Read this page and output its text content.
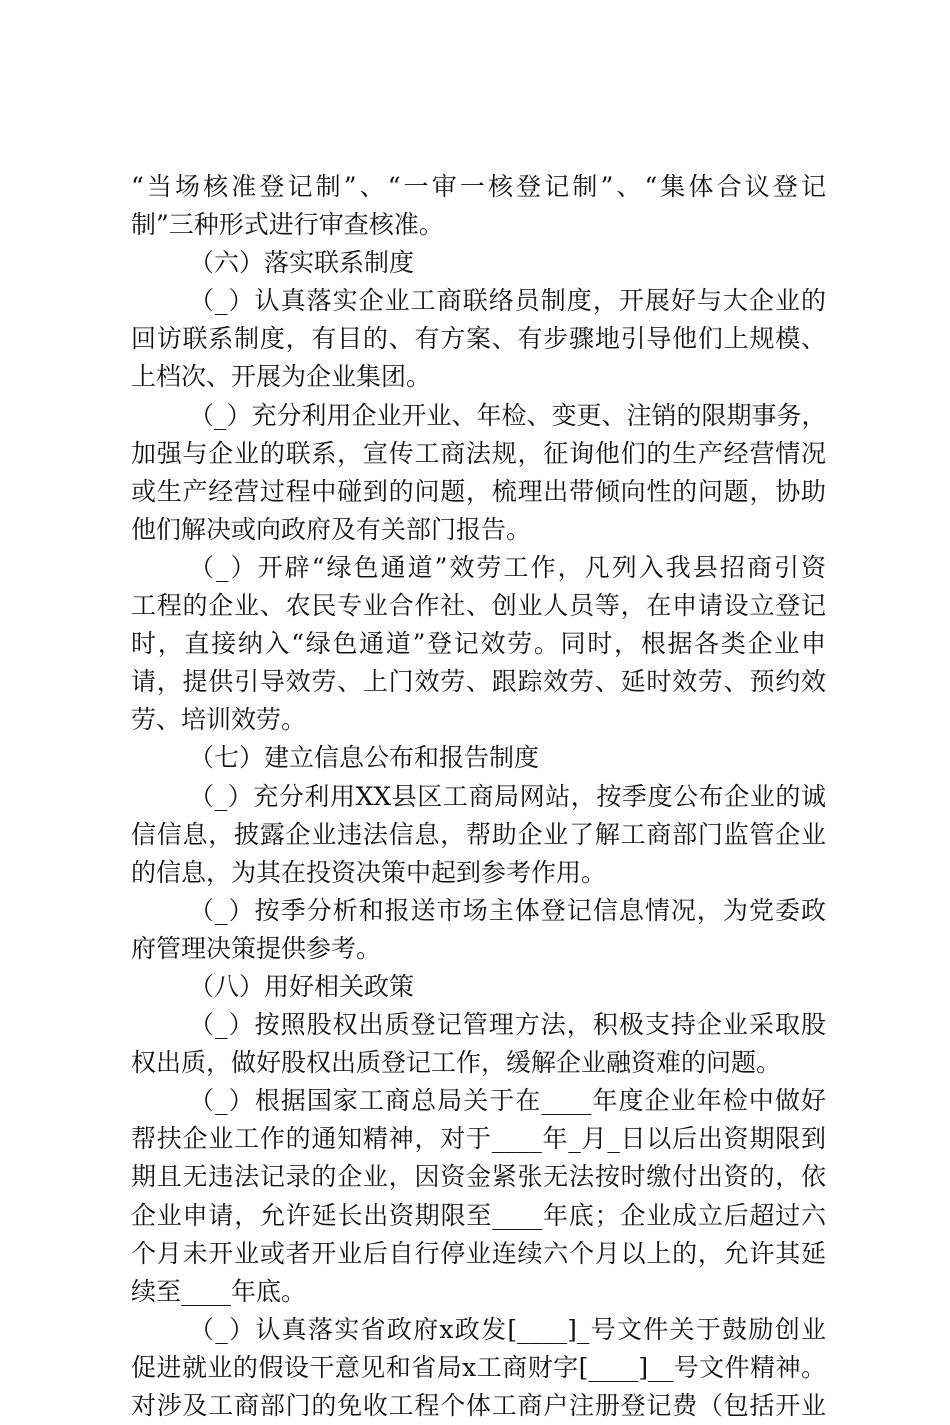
“当场核准登记制”、“一审一核登记制”、“集体合议登记
制”三种形式进行审查核准。
（六）落实联系制度
（_）认真落实企业工商联络员制度，开展好与大企业的
回访联系制度，有目的、有方案、有步骤地引导他们上规模、
上档次、开展为企业集团。
（_）充分利用企业开业、年检、变更、注销的限期事务，
加强与企业的联系，宣传工商法规，征询他们的生产经营情况
或生产经营过程中碰到的问题，梳理出带倾向性的问题，协助
他们解决或向政府及有关部门报告。
（_）开辟“绿色通道”效劳工作，凡列入我县招商引资
工程的企业、农民专业合作社、创业人员等，在申请设立登记
时，直接纳入“绿色通道”登记效劳。同时，根据各类企业申
请，提供引导效劳、上门效劳、跟踪效劳、延时效劳、预约效
劳、培训效劳。
（七）建立信息公布和报告制度
（_）充分利用XX县区工商局网站，按季度公布企业的诚
信信息，披露企业违法信息，帮助企业了解工商部门监管企业
的信息，为其在投资决策中起到参考作用。
（_）按季分析和报送市场主体登记信息情况，为党委政
府管理决策提供参考。
（八）用好相关政策
（_）按照股权出质登记管理方法，积极支持企业采取股
权出质，做好股权出质登记工作，缓解企业融资难的问题。
（_）根据国家工商总局关于在____年度企业年检中做好
帮扶企业工作的通知精神，对于____年_月_日以后出资期限到
期且无违法记录的企业，因资金紧张无法按时缴付出资的，依
企业申请，允许延长出资期限至____年底；企业成立后超过六
个月未开业或者开业后自行停业连续六个月以上的，允许其延
续至____年底。
（_）认真落实省政府x政发[____]_号文件关于鼓励创业
促进就业的假设干意见和省局x工商财字[____]__号文件精神。
对涉及工商部门的免收工程个体工商户注册登记费（包括开业
